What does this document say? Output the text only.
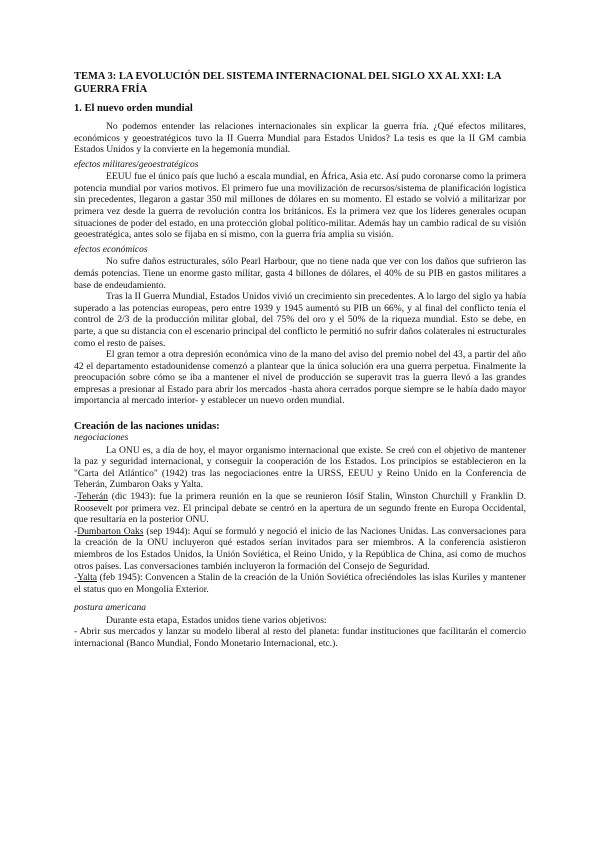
TEMA 3: LA EVOLUCIÓN DEL SISTEMA INTERNACIONAL DEL SIGLO XX AL XXI: LA GUERRA FRÍA
1. El nuevo orden mundial

No podemos entender las relaciones internacionales sin explicar la guerra fría. ¿Qué efectos militares, económicos y geoestratégicos tuvo la II Guerra Mundial para Estados Unidos? La tesis es que la II GM cambia Estados Unidos y la convierte en la hegemonía mundial.

efectos militares/geoestratégicos

EEUU fue el único país que luchó a escala mundial, en África, Asia etc. Así pudo coronarse como la primera potencia mundial por varios motivos. El primero fue una movilización de recursos/sistema de planificación logística sin precedentes, llegaron a gastar 350 mil millones de dólares en su momento. El estado se volvió a militarizar por primera vez desde la guerra de revolución contra los británicos. Es la primera vez que los líderes generales ocupan situaciones de poder del estado, en una protección global político-militar. Además hay un cambio radical de su visión geoestratégica, antes solo se fijaba en sí mismo, con la guerra fría amplia su visión.

efectos económicos

No sufre daños estructurales, sólo Pearl Harbour, que no tiene nada que ver con los daños que sufrieron las demás potencias. Tiene un enorme gasto militar, gasta 4 billones de dólares, el 40% de su PIB en gastos militares a base de endeudamiento.

Tras la II Guerra Mundial, Estados Unidos vivió un crecimiento sin precedentes. A lo largo del siglo ya había superado a las potencias europeas, pero entre 1939 y 1945 aumentó su PIB un 66%, y al final del conflicto tenía el control de 2/3 de la producción militar global, del 75% del oro y el 50% de la riqueza mundial. Esto se debe, en parte, a que su distancia con el escenario principal del conflicto le permitió no sufrir daños colaterales ni estructurales como el resto de países.

El gran temor a otra depresión económica vino de la mano del aviso del premio nobel del 43, a partir del año 42 el departamento estadounidense comenzó a plantear que la única solución era una guerra perpetua. Finalmente la preocupación sobre cómo se iba a mantener el nivel de producción se superavit tras la guerra llevó a las grandes empresas a presionar al Estado para abrir los mercados -hasta ahora cerrados porque siempre se le había dado mayor importancia al mercado interior- y establecer un nuevo orden mundial.

Creación de las naciones unidas:
negociaciones

La ONU es, a día de hoy, el mayor organismo internacional que existe. Se creó con el objetivo de mantener la paz y seguridad internacional, y conseguir la cooperación de los Estados. Los principios se establecieron en la "Carta del Atlántico" (1942) tras las negociaciones entre la URSS, EEUU y Reino Unido en la Conferencia de Teherán, Zumbaron Oaks y Yalta.

-Teherán (dic 1943): fue la primera reunión en la que se reunieron Iósif Stalin, Winston Churchill y Franklin D. Roosevelt por primera vez. El principal debate se centró en la apertura de un segundo frente en Europa Occidental, que resultaría en la posterior ONU.

-Dumbarton Oaks (sep 1944): Aquí se formuló y negoció el inicio de las Naciones Unidas. Las conversaciones para la creación de la ONU incluyeron qué estados serían invitados para ser miembros. A la conferencia asistieron miembros de los Estados Unidos, la Unión Soviética, el Reino Unido, y la República de China, así como de muchos otros países. Las conversaciones también incluyeron la formación del Consejo de Seguridad.

-Yalta (feb 1945): Convencen a Stalin de la creación de la Unión Soviética ofreciéndoles las islas Kuriles y mantener el status quo en Mongolia Exterior.

postura americana

Durante esta etapa, Estados unidos tiene varios objetivos:

- Abrir sus mercados y lanzar su modelo liberal al resto del planeta: fundar instituciones que facilitarán el comercio internacional (Banco Mundial, Fondo Monetario Internacional, etc.).
